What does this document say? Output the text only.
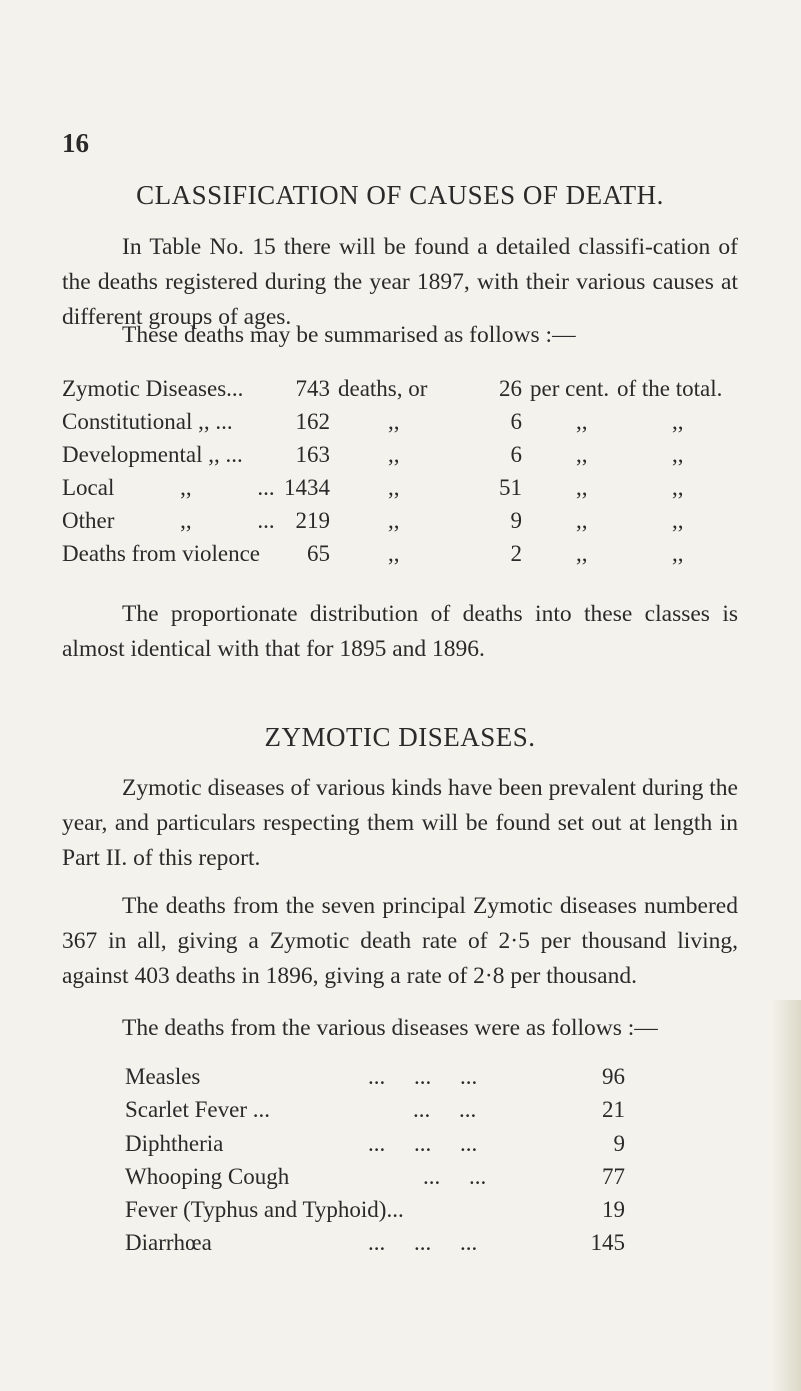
16
CLASSIFICATION OF CAUSES OF DEATH.
In Table No. 15 there will be found a detailed classifi-cation of the deaths registered during the year 1897, with their various causes at different groups of ages.
These deaths may be summarised as follows :—
Zymotic Diseases...	743 deaths, or	26 per cent. of the total.
Constitutional ,, ...	162	,,	6 ,,	,,
Developmental ,, ...	163	,,	6 ,,	,,
Local ,, ... 1434	,,	51 ,,	,,
Other ,, ... 219	,,	9 ,,	,,
Deaths from violence	65	,,	2 ,,	,,
The proportionate distribution of deaths into these classes is almost identical with that for 1895 and 1896.
ZYMOTIC DISEASES.
Zymotic diseases of various kinds have been prevalent during the year, and particulars respecting them will be found set out at length in Part II. of this report.
The deaths from the seven principal Zymotic diseases numbered 367 in all, giving a Zymotic death rate of 2·5 per thousand living, against 403 deaths in 1896, giving a rate of 2·8 per thousand.
The deaths from the various diseases were as follows :—
Measles	...     ...     ...	96
Scarlet Fever ...	...     ...	21
Diphtheria	...     ...     ...	9
Whooping Cough	...     ...	77
Fever (Typhus and Typhoid)...	19
Diarrhœa	...     ...     ...	145
